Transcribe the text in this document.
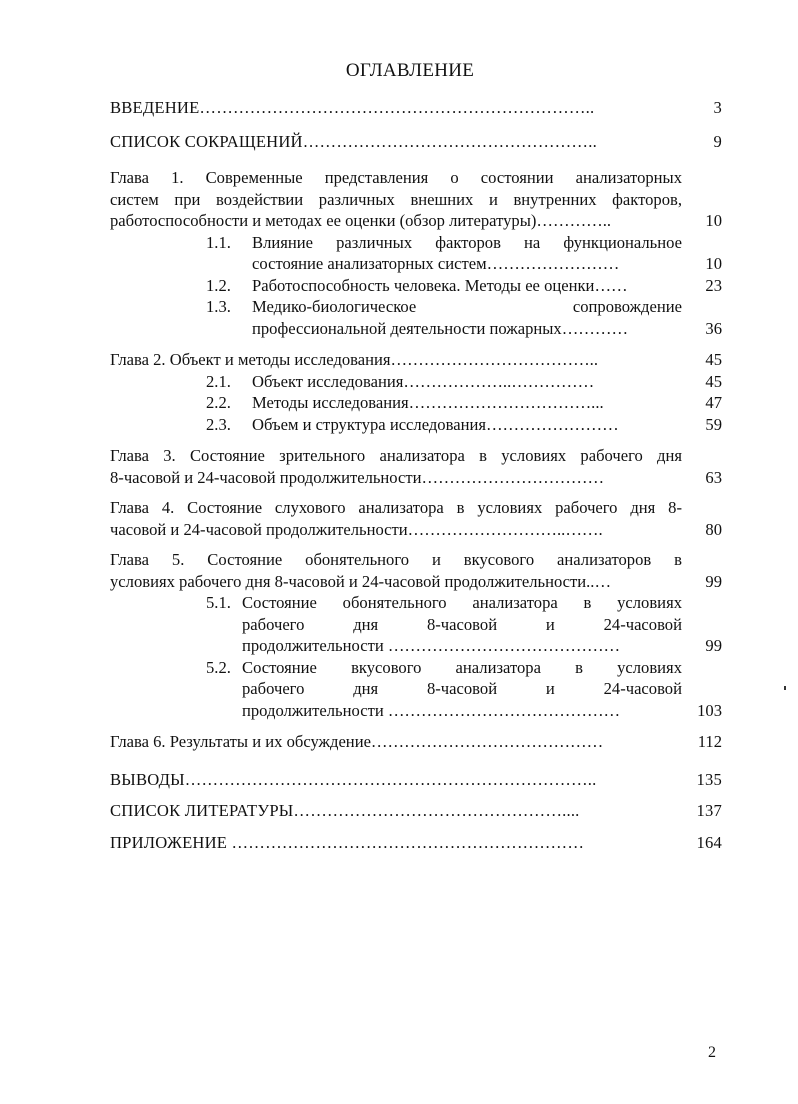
ОГЛАВЛЕНИЕ
ВВЕДЕНИЕ……………………………………………………………..	3
СПИСОК СОКРАЩЕНИЙ……………………………………………..	9
Глава 1. Современные представления о состоянии анализаторных
систем при воздействии различных внешних и внутренних факторов,
работоспособности и методах ее оценки (обзор литературы)…………..	10
1.1.	Влияние различных факторов на функциональное
состояние анализаторных систем……………………	10
1.2.	Работоспособность человека. Методы ее оценки……	23
1.3.	Медико-биологическое сопровождение
профессиональной деятельности пожарных…………	36
Глава 2. Объект и методы исследования………………………………..	45
2.1.	Объект исследования………………..……………	45
2.2.	Методы исследования……………………………...	47
2.3.	Объем и структура исследования……………………	59
Глава 3. Состояние зрительного анализатора в условиях рабочего дня
8-часовой и 24-часовой продолжительности……………………………	63
Глава 4. Состояние слухового анализатора в условиях рабочего дня 8-
часовой и 24-часовой продолжительности………………………..…….	80
Глава 5. Состояние обонятельного и вкусового анализаторов в
условиях рабочего дня 8-часовой и 24-часовой продолжительности..…	99
5.1. Состояние обонятельного анализатора в условиях
рабочего дня 8-часовой и 24-часовой
продолжительности ……………………………………	99
5.2. Состояние вкусового анализатора в условиях
рабочего дня 8-часовой и 24-часовой
продолжительности ……………………………………	103
Глава 6. Результаты и их обсуждение……………………………………	112
ВЫВОДЫ………………………………………………………………..	135
СПИСОК ЛИТЕРАТУРЫ…………………………………………....	137
ПРИЛОЖЕНИЕ ………………………………………………………	164
2
